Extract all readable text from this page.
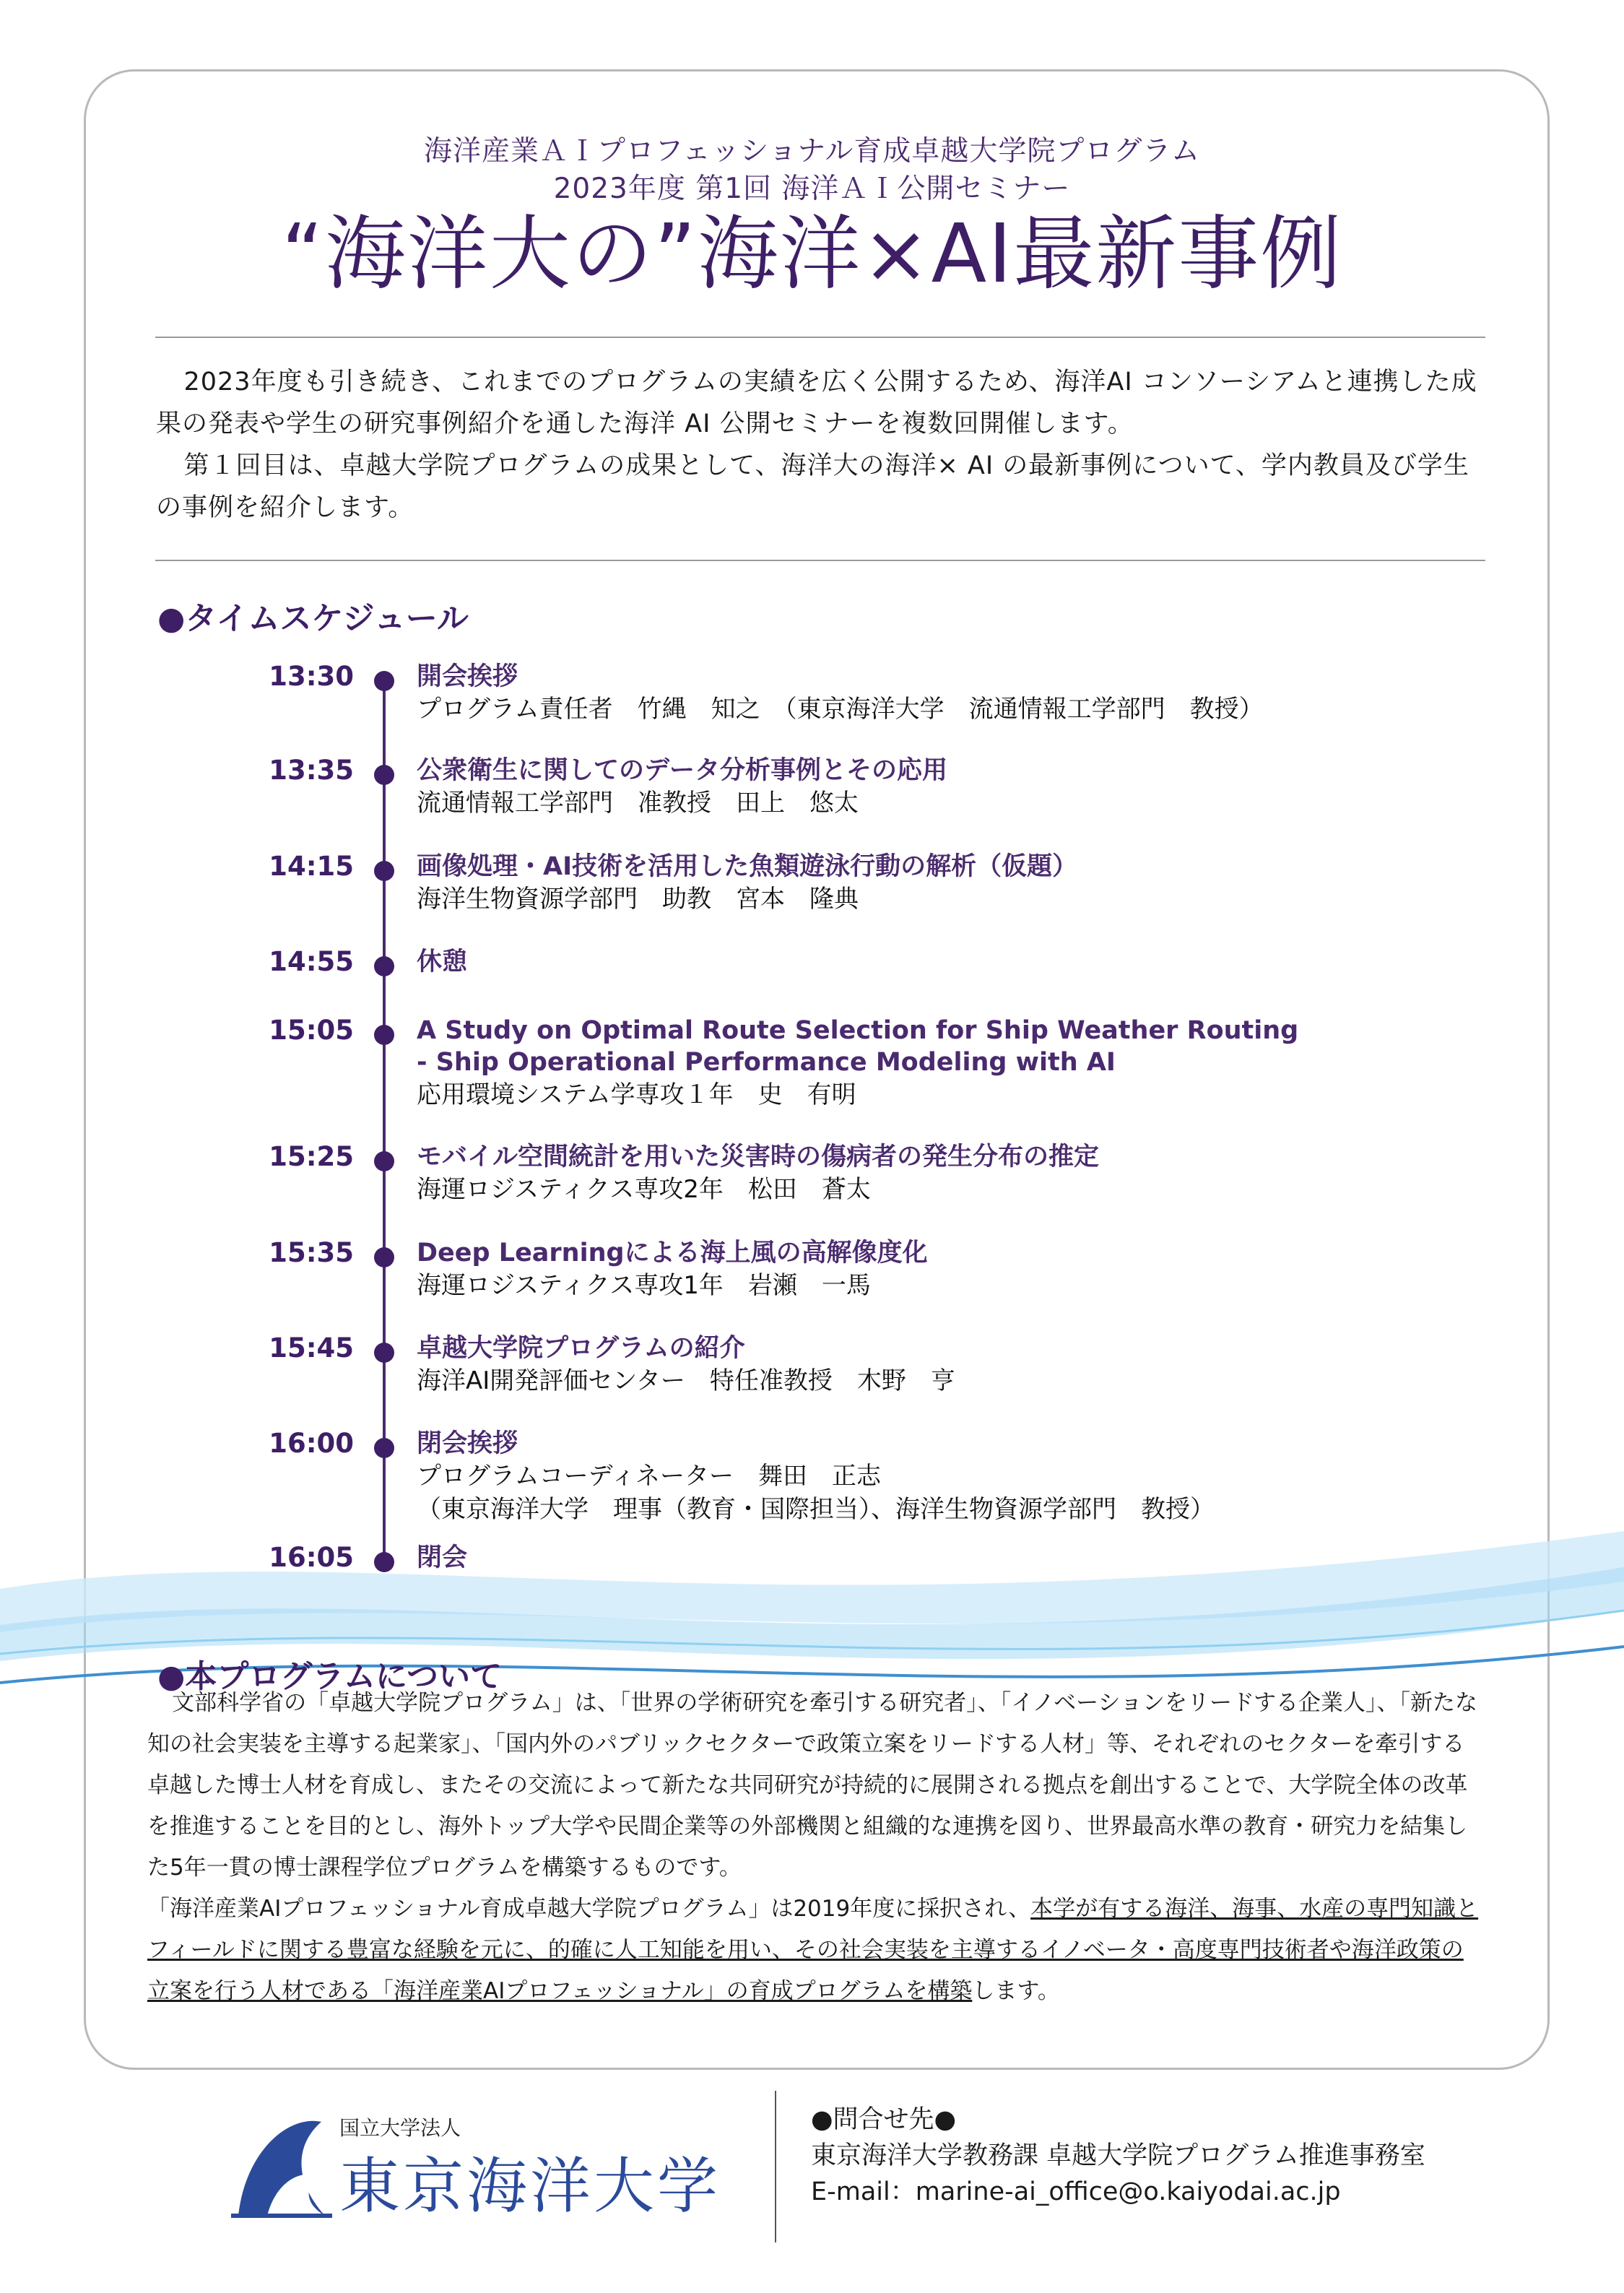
海洋産業ＡＩプロフェッショナル育成卓越大学院プログラム
2023年度 第1回 海洋ＡＩ公開セミナー
“海洋大の”海洋×AI最新事例

2023年度も引き続き、これまでのプログラムの実績を広く公開するため、海洋AI コンソーシアムと連携した成果の発表や学生の研究事例紹介を通した海洋 AI 公開セミナーを複数回開催します。

第１回目は、卓越大学院プログラムの成果として、海洋大の海洋× AI の最新事例について、学内教員及び学生の事例を紹介します。

●タイムスケジュール
13:30 開会挨拶
プログラム責任者　竹縄　知之　（東京海洋大学　流通情報工学部門　教授）
13:35 公衆衛生に関してのデータ分析事例とその応用
流通情報工学部門　准教授　田上　悠太
14:15 画像処理・AI技術を活用した魚類遊泳行動の解析（仮題）
海洋生物資源学部門　助教　宮本　隆典
14:55 休憩
15:05 A Study on Optimal Route Selection for Ship Weather Routing
- Ship Operational Performance Modeling with AI
応用環境システム学専攻１年　史　有明
15:25 モバイル空間統計を用いた災害時の傷病者の発生分布の推定
海運ロジスティクス専攻2年　松田　蒼太
15:35 Deep Learningによる海上風の高解像度化
海運ロジスティクス専攻1年　岩瀬　一馬
15:45 卓越大学院プログラムの紹介
海洋AI開発評価センター　特任准教授　木野　亨
16:00 閉会挨拶
プログラムコーディネーター　舞田　正志
（東京海洋大学　理事（教育・国際担当）、海洋生物資源学部門　教授）
16:05 閉会
●本プログラムについて

文部科学省の「卓越大学院プログラム」は、「世界の学術研究を牽引する研究者」、「イノベーションをリードする企業人」、「新たな知の社会実装を主導する起業家」、「国内外のパブリックセクターで政策立案をリードする人材」等、それぞれのセクターを牽引する卓越した博士人材を育成し、またその交流によって新たな共同研究が持続的に展開される拠点を創出することで、大学院全体の改革を推進することを目的とし、海外トップ大学や民間企業等の外部機関と組織的な連携を図り、世界最高水準の教育・研究力を結集した5年一貫の博士課程学位プログラムを構築するものです。

「海洋産業AIプロフェッショナル育成卓越大学院プログラム」は2019年度に採択され、本学が有する海洋、海事、水産の専門知識とフィールドに関する豊富な経験を元に、的確に人工知能を用い、その社会実装を主導するイノベータ・高度専門技術者や海洋政策の立案を行う人材である「海洋産業AIプロフェッショナル」の育成プログラムを構築します。

国立大学法人
東京海洋大学
●問合せ先●
東京海洋大学教務課 卓越大学院プログラム推進事務室
E-mail：marine-ai_office@o.kaiyodai.ac.jp
